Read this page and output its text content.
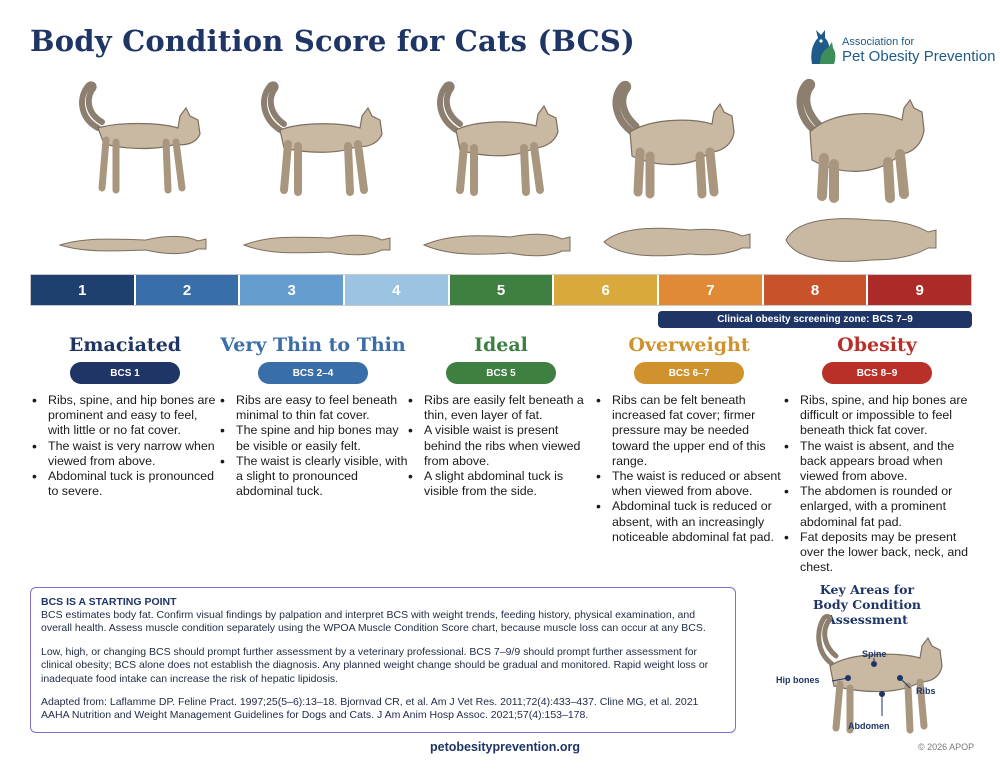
Body Condition Score for Cats (BCS)	Association for
Pet Obesity Prevention
1	2	3	4	5	6	7	8	9
Clinical obesity screening zone: BCS 7–9
Emaciated
BCS 1
• Ribs, spine, and hip bones are prominent and easy to feel, with little or no fat cover.
• The waist is very narrow when viewed from above.
• Abdominal tuck is pronounced to severe.
Very Thin to Thin
BCS 2–4
• Ribs are easy to feel beneath minimal to thin fat cover.
• The spine and hip bones may be visible or easily felt.
• The waist is clearly visible, with a slight to pronounced abdominal tuck.
Ideal
BCS 5
• Ribs are easily felt beneath a thin, even layer of fat.
• A visible waist is present behind the ribs when viewed from above.
• A slight abdominal tuck is visible from the side.
Overweight
BCS 6–7
• Ribs can be felt beneath increased fat cover; firmer pressure may be needed toward the upper end of this range.
• The waist is reduced or absent when viewed from above.
• Abdominal tuck is reduced or absent, with an increasingly noticeable abdominal fat pad.
Obesity
BCS 8–9
• Ribs, spine, and hip bones are difficult or impossible to feel beneath thick fat cover.
• The waist is absent, and the back appears broad when viewed from above.
• The abdomen is rounded or enlarged, with a prominent abdominal fat pad.
• Fat deposits may be present over the lower back, neck, and chest.
BCS IS A STARTING POINT

BCS estimates body fat. Confirm visual findings by palpation and interpret BCS with weight trends, feeding history, physical examination, and overall health. Assess muscle condition separately using the WPOA Muscle Condition Score chart, because muscle loss can occur at any BCS.

Low, high, or changing BCS should prompt further assessment by a veterinary professional. BCS 7–9/9 should prompt further assessment for clinical obesity; BCS alone does not establish the diagnosis. Any planned weight change should be gradual and monitored. Rapid weight loss or inadequate food intake can increase the risk of hepatic lipidosis.

Adapted from: Laflamme DP. Feline Pract. 1997;25(5–6):13–18. Bjornvad CR, et al. Am J Vet Res. 2011;72(4):433–437. Cline MG, et al. 2021 AAHA Nutrition and Weight Management Guidelines for Dogs and Cats. J Am Anim Hosp Assoc. 2021;57(4):153–178.

Key Areas for
Body Condition Assessment
Spine
Hip bones
Ribs
Abdomen
petobesityprevention.org	© 2026 APOP
